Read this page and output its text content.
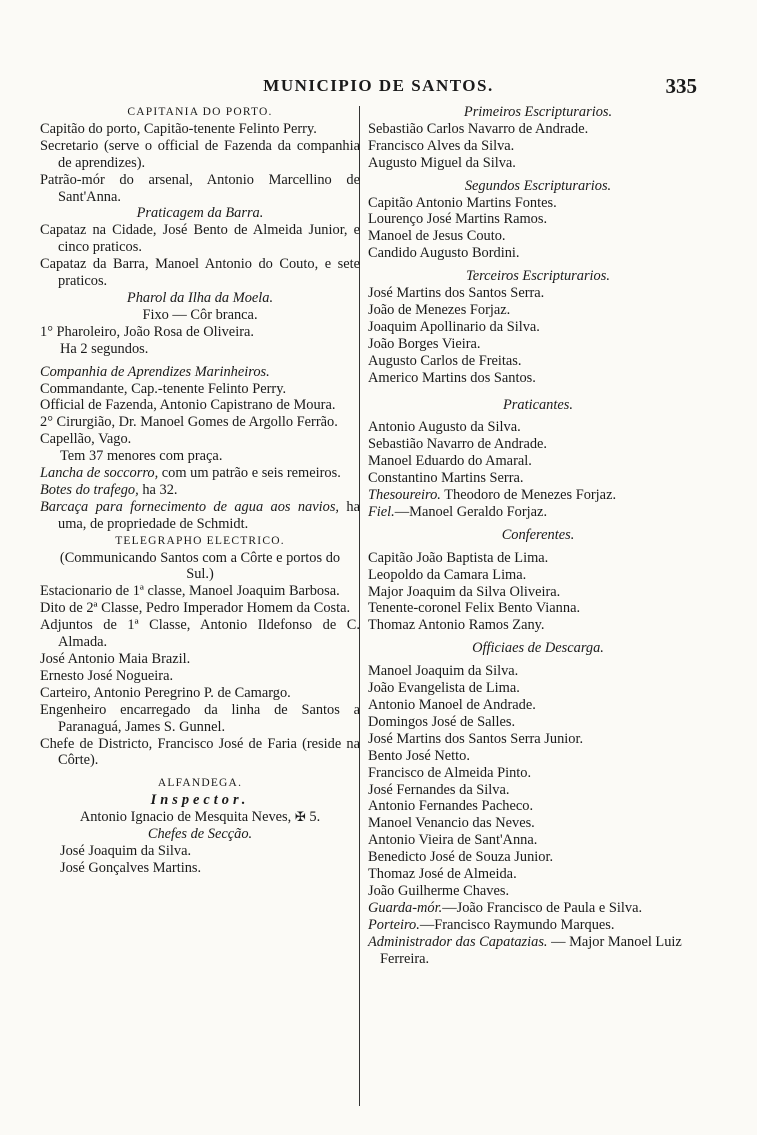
MUNICIPIO DE SANTOS.	335
CAPITANIA DO PORTO.
Capitão do porto, Capitão-tenente Felinto Perry.
Secretario (serve o official de Fazenda da companhia de aprendizes).
Patrão-mór do arsenal, Antonio Marcellino de Sant'Anna.
Praticagem da Barra.
Capataz na Cidade, José Bento de Almeida Junior, e cinco praticos.
Capataz da Barra, Manoel Antonio do Couto, e sete praticos.
Pharol da Ilha da Moela.
Fixo — Côr branca.
1° Pharoleiro, João Rosa de Oliveira.
Ha 2 segundos.
Companhia de Aprendizes Marinheiros.
Commandante, Cap.-tenente Felinto Perry.
Official de Fazenda, Antonio Capistrano de Moura.
2° Cirurgião, Dr. Manoel Gomes de Argollo Ferrão.
Capellão, Vago.
Tem 37 menores com praça.
Lancha de soccorro, com um patrão e seis remeiros.
Botes do trafego, ha 32.
Barcaça para fornecimento de agua aos navios, ha uma, de propriedade de Schmidt.
TELEGRAPHO ELECTRICO.
(Communicando Santos com a Côrte e portos do Sul.)
Estacionario de 1ª classe, Manoel Joaquim Barbosa.
Dito de 2ª Classe, Pedro Imperador Homem da Costa.
Adjuntos de 1ª Classe, Antonio Ildefonso de C. Almada.
José Antonio Maia Brazil.
Ernesto José Nogueira.
Carteiro, Antonio Peregrino P. de Camargo.
Engenheiro encarregado da linha de Santos a Paranaguá, James S. Gunnel.
Chefe de Districto, Francisco José de Faria (reside na Côrte).
ALFANDEGA.
Inspector.
Antonio Ignacio de Mesquita Neves, ✠ 5.
Chefes de Secção.
José Joaquim da Silva.
José Gonçalves Martins.
Primeiros Escripturarios.
Sebastião Carlos Navarro de Andrade.
Francisco Alves da Silva.
Augusto Miguel da Silva.
Segundos Escripturarios.
Capitão Antonio Martins Fontes.
Lourenço José Martins Ramos.
Manoel de Jesus Couto.
Candido Augusto Bordini.
Terceiros Escripturarios.
José Martins dos Santos Serra.
João de Menezes Forjaz.
Joaquim Apollinario da Silva.
João Borges Vieira.
Augusto Carlos de Freitas.
Americo Martins dos Santos.
Praticantes.
Antonio Augusto da Silva.
Sebastião Navarro de Andrade.
Manoel Eduardo do Amaral.
Constantino Martins Serra.
Thesoureiro. Theodoro de Menezes Forjaz.
Fiel.—Manoel Geraldo Forjaz.
Conferentes.
Capitão João Baptista de Lima.
Leopoldo da Camara Lima.
Major Joaquim da Silva Oliveira.
Tenente-coronel Felix Bento Vianna.
Thomaz Antonio Ramos Zany.
Officiaes de Descarga.
Manoel Joaquim da Silva.
João Evangelista de Lima.
Antonio Manoel de Andrade.
Domingos José de Salles.
José Martins dos Santos Serra Junior.
Bento José Netto.
Francisco de Almeida Pinto.
José Fernandes da Silva.
Antonio Fernandes Pacheco.
Manoel Venancio das Neves.
Antonio Vieira de Sant'Anna.
Benedicto José de Souza Junior.
Thomaz José de Almeida.
João Guilherme Chaves.
Guarda-mór.—João Francisco de Paula e Silva.
Porteiro.—Francisco Raymundo Marques.
Administrador das Capatazias. — Major Manoel Luiz Ferreira.
